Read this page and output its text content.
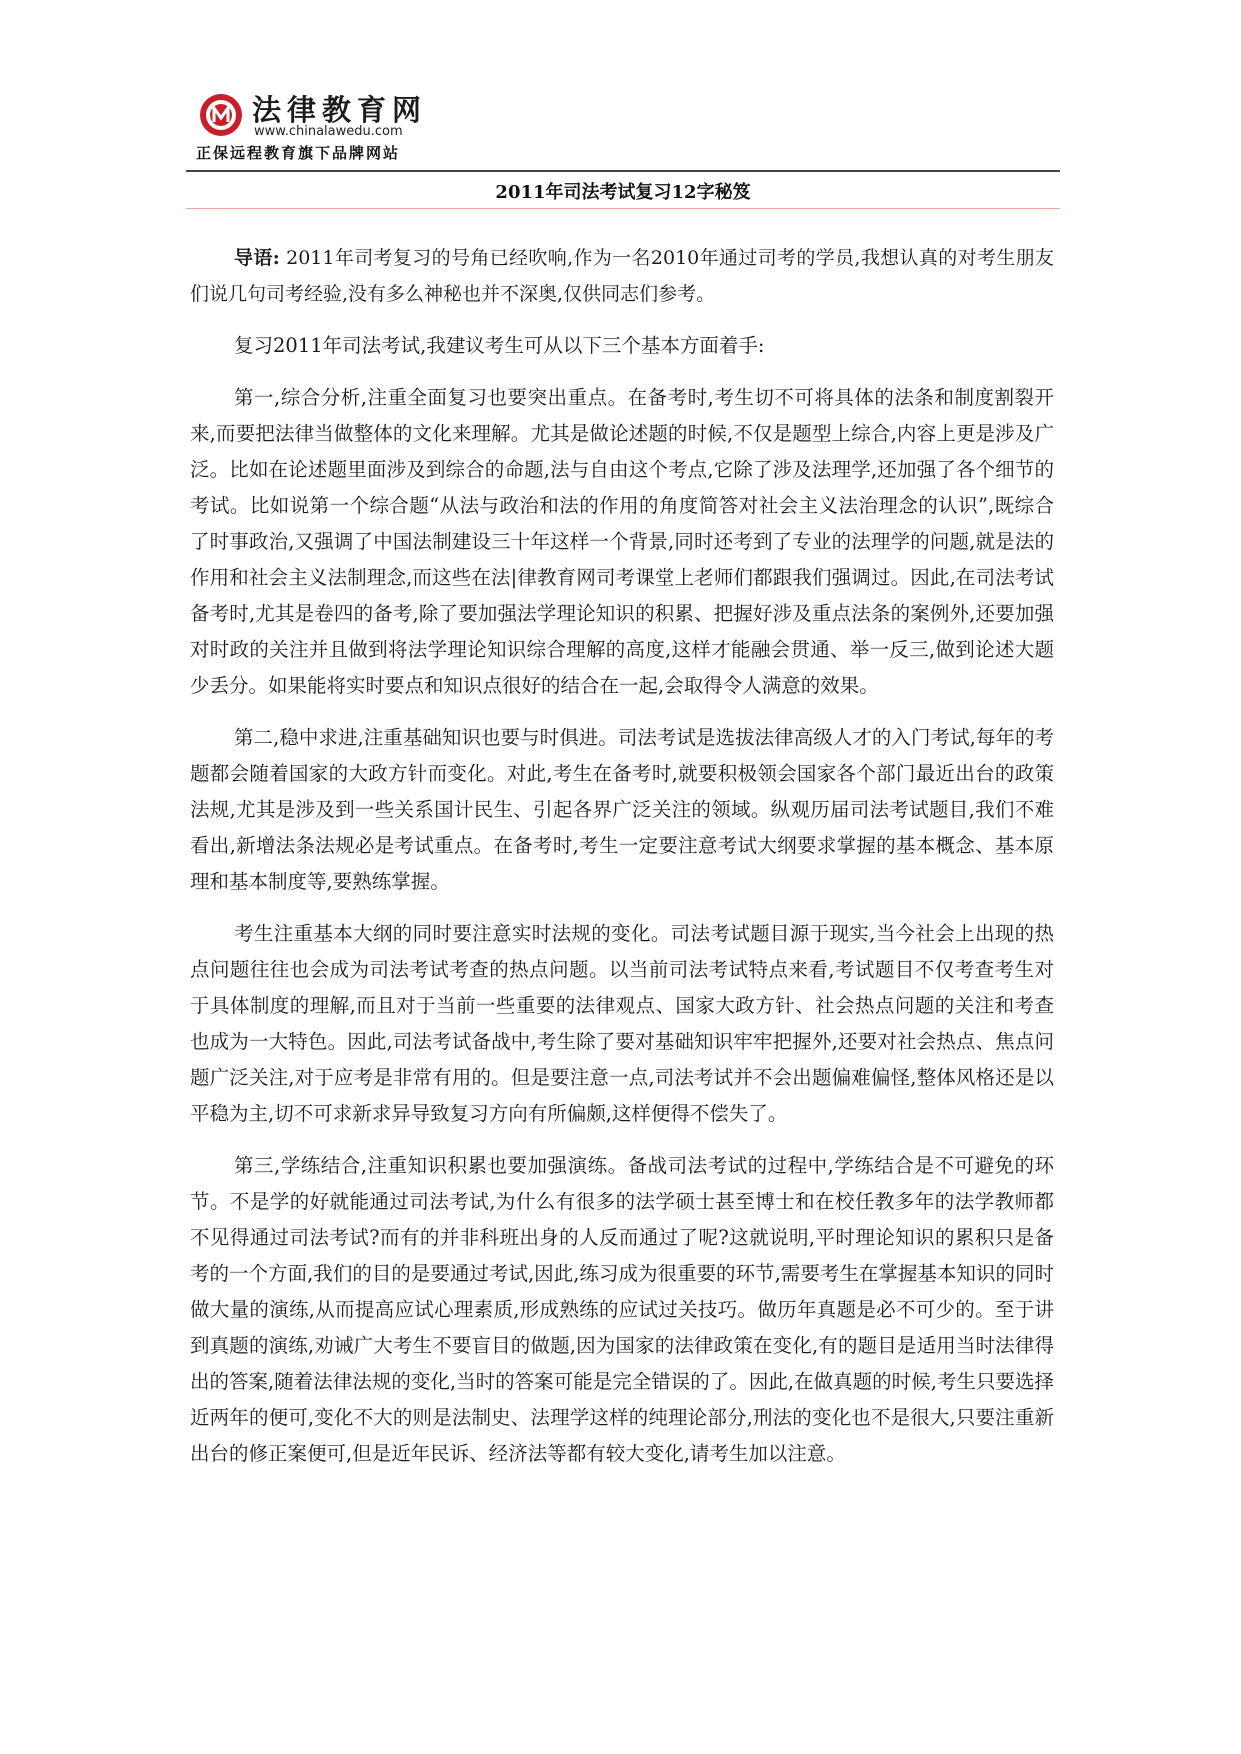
法律教育网
www.chinalawedu.com
正保远程教育旗下品牌网站
2011年司法考试复习12字秘笈

导语: 2011年司考复习的号角已经吹响,作为一名2010年通过司考的学员,我想认真的对考生朋友们说几句司考经验,没有多么神秘也并不深奥,仅供同志们参考。

复习2011年司法考试,我建议考生可从以下三个基本方面着手:

第一,综合分析,注重全面复习也要突出重点。在备考时,考生切不可将具体的法条和制度割裂开来,而要把法律当做整体的文化来理解。尤其是做论述题的时候,不仅是题型上综合,内容上更是涉及广泛。比如在论述题里面涉及到综合的命题,法与自由这个考点,它除了涉及法理学,还加强了各个细节的考试。比如说第一个综合题“从法与政治和法的作用的角度简答对社会主义法治理念的认识”,既综合了时事政治,又强调了中国法制建设三十年这样一个背景,同时还考到了专业的法理学的问题,就是法的作用和社会主义法制理念,而这些在法|律教育网司考课堂上老师们都跟我们强调过。因此,在司法考试备考时,尤其是卷四的备考,除了要加强法学理论知识的积累、把握好涉及重点法条的案例外,还要加强对时政的关注并且做到将法学理论知识综合理解的高度,这样才能融会贯通、举一反三,做到论述大题少丢分。如果能将实时要点和知识点很好的结合在一起,会取得令人满意的效果。

第二,稳中求进,注重基础知识也要与时俱进。司法考试是选拔法律高级人才的入门考试,每年的考题都会随着国家的大政方针而变化。对此,考生在备考时,就要积极领会国家各个部门最近出台的政策法规,尤其是涉及到一些关系国计民生、引起各界广泛关注的领域。纵观历届司法考试题目,我们不难看出,新增法条法规必是考试重点。在备考时,考生一定要注意考试大纲要求掌握的基本概念、基本原理和基本制度等,要熟练掌握。

考生注重基本大纲的同时要注意实时法规的变化。司法考试题目源于现实,当今社会上出现的热点问题往往也会成为司法考试考查的热点问题。以当前司法考试特点来看,考试题目不仅考查考生对于具体制度的理解,而且对于当前一些重要的法律观点、国家大政方针、社会热点问题的关注和考查也成为一大特色。因此,司法考试备战中,考生除了要对基础知识牢牢把握外,还要对社会热点、焦点问题广泛关注,对于应考是非常有用的。但是要注意一点,司法考试并不会出题偏难偏怪,整体风格还是以平稳为主,切不可求新求异导致复习方向有所偏颇,这样便得不偿失了。

第三,学练结合,注重知识积累也要加强演练。备战司法考试的过程中,学练结合是不可避免的环节。不是学的好就能通过司法考试,为什么有很多的法学硕士甚至博士和在校任教多年的法学教师都不见得通过司法考试?而有的并非科班出身的人反而通过了呢?这就说明,平时理论知识的累积只是备考的一个方面,我们的目的是要通过考试,因此,练习成为很重要的环节,需要考生在掌握基本知识的同时做大量的演练,从而提高应试心理素质,形成熟练的应试过关技巧。做历年真题是必不可少的。至于讲到真题的演练,劝诫广大考生不要盲目的做题,因为国家的法律政策在变化,有的题目是适用当时法律得出的答案,随着法律法规的变化,当时的答案可能是完全错误的了。因此,在做真题的时候,考生只要选择近两年的便可,变化不大的则是法制史、法理学这样的纯理论部分,刑法的变化也不是很大,只要注重新出台的修正案便可,但是近年民诉、经济法等都有较大变化,请考生加以注意。
